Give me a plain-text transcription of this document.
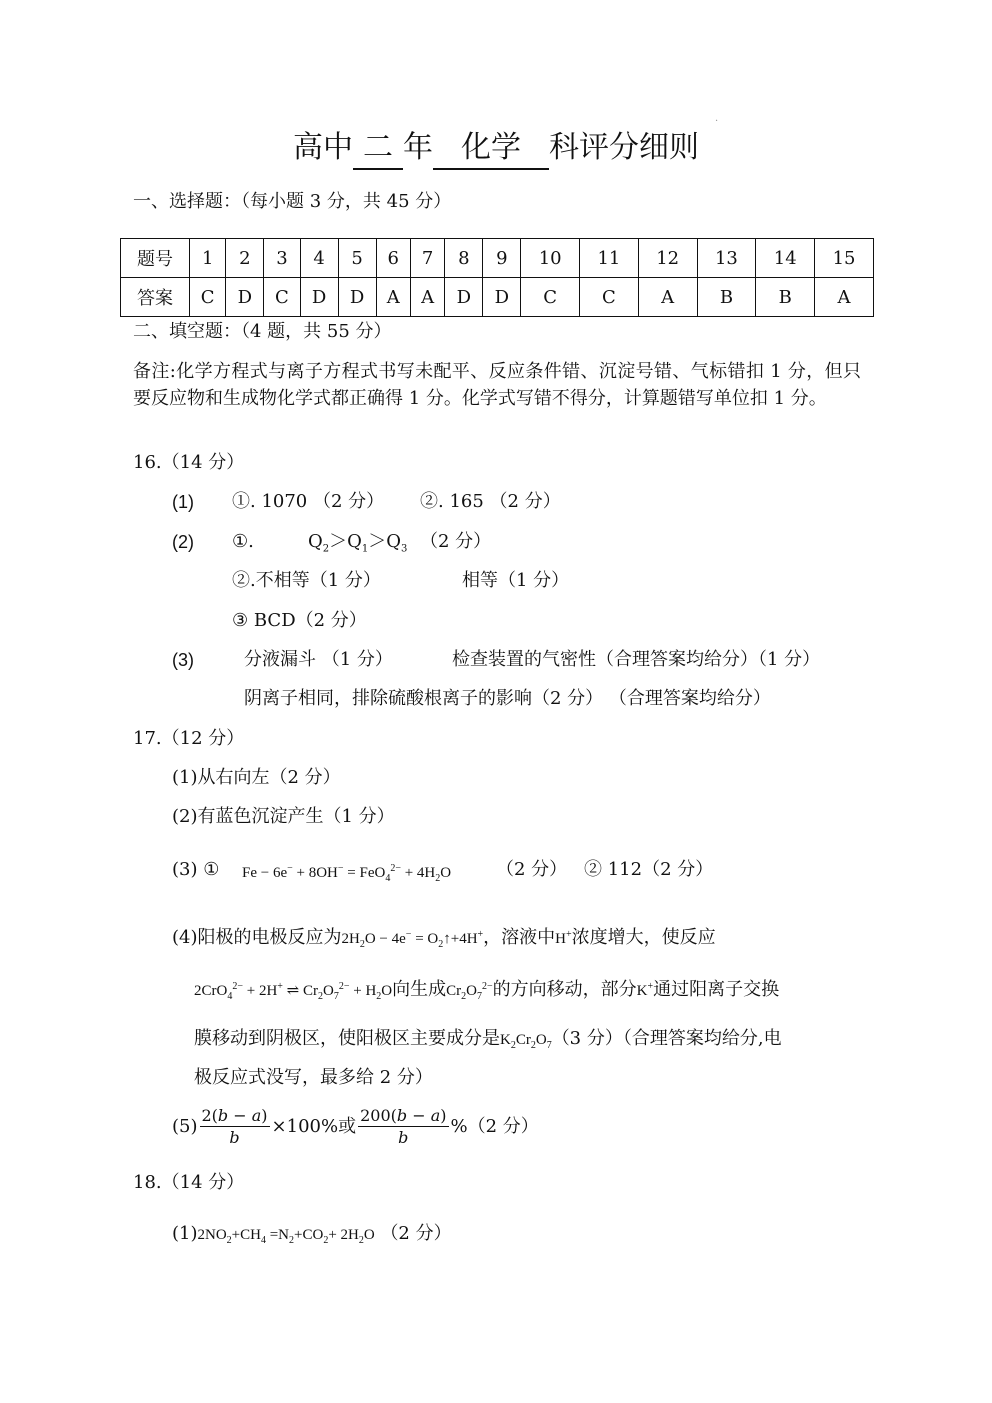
·
高中 二 年 化学 科评分细则
一、选择题：（每小题 3 分，共 45 分）
题号	1	2	3	4	5	6	7	8	9	10	11	12	13	14	15
答案	C	D	C	D	D	A	A	D	D	C	C	A	B	B	A
二、填空题：（4 题，共 55 分）
备注:化学方程式与离子方程式书写未配平、反应条件错、沉淀号错、气标错扣 1 分，但只要反应物和生成物化学式都正确得 1 分。化学式写错不得分，计算题错写单位扣 1 分。
16.（14 分）
(1) ①. 1070 （2 分） ②. 165 （2 分）
(2) ①.	$Q_2>Q_1>Q_3$ （2 分）
②.不相等（1 分）	相等（1 分）
③ BCD（2 分）
(3)	分液漏斗 （1 分）	检查装置的气密性（合理答案均给分）（1 分）
阴离子相同，排除硫酸根离子的影响（2 分） （合理答案均给分）
17.（12 分）
(1)从右向左（2 分）
(2)有蓝色沉淀产生（1 分）
(3) ① $Fe - 6e^- + 8OH^- = FeO_4^{2-} + 4H_2O$ （2 分） ② 112（2 分）
(4)阳极的电极反应为$2H_2O - 4e^-$ = $O_2↑+4H^+$，溶液中H+浓度增大，使反应
2CrO$_4^{2-}$ + 2H+ ⇌ $Cr_2O_7^{2-} + H_2O$向生成$Cr_2O_7^{2-}$的方向移动，部分K+通过阳离子交换
膜移动到阴极区，使阳极区主要成分是$K_2Cr_2O_7(3$ 分）（合理答案均给分,电
极反应式没写，最多给 2 分）
$(5) \frac{2(b - a)}{b} \times 100\%$或 $\frac{200(b - a)}{b} \%(2$ 分）
18.（14 分）
$(1)2NO_2+CH_4 =N_2+CO_2+ 2H_2O$ （2 分）
